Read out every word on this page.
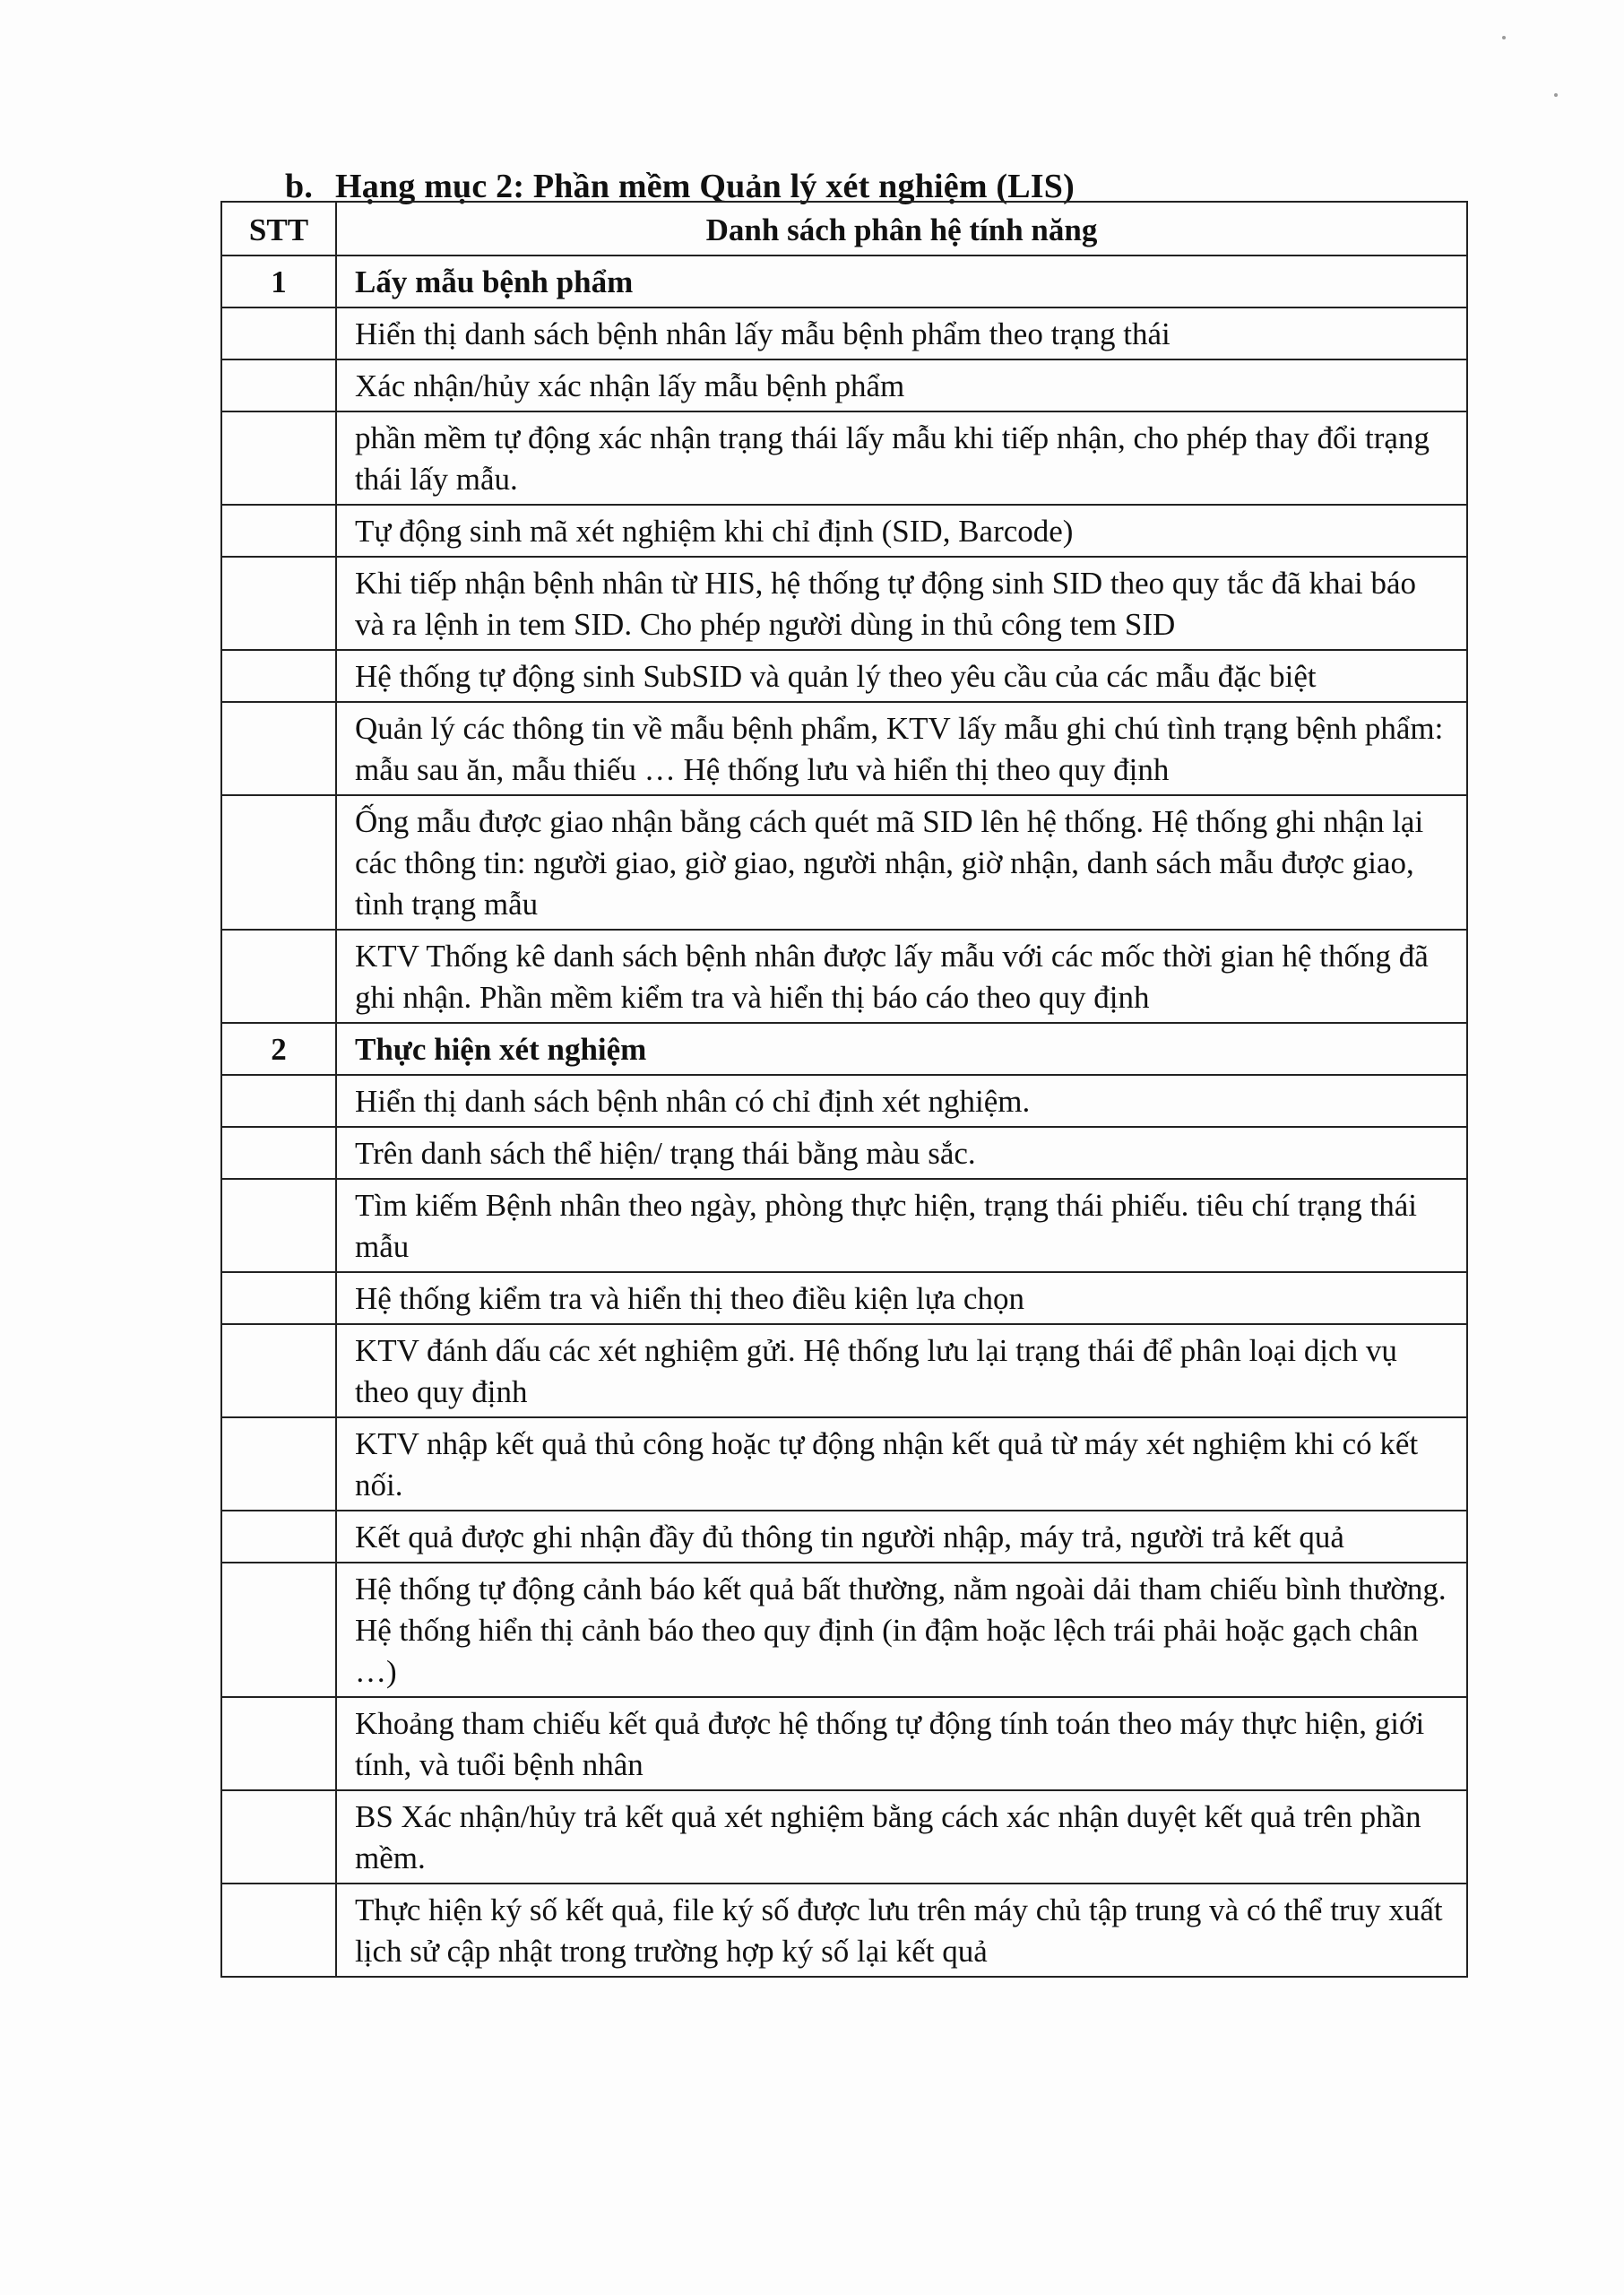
b. Hạng mục 2: Phần mềm Quản lý xét nghiệm (LIS)
STT	Danh sách phân hệ tính năng
1	Lấy mẫu bệnh phẩm
	Hiển thị danh sách bệnh nhân lấy mẫu bệnh phẩm theo trạng thái
	Xác nhận/hủy xác nhận lấy mẫu bệnh phẩm
	phần mềm tự động xác nhận trạng thái lấy mẫu khi tiếp nhận, cho phép thay đổi trạng thái lấy mẫu.
	Tự động sinh mã xét nghiệm khi chỉ định (SID, Barcode)
	Khi tiếp nhận bệnh nhân từ HIS, hệ thống tự động sinh SID theo quy tắc đã khai báo và ra lệnh in tem SID. Cho phép người dùng in thủ công tem SID
	Hệ thống tự động sinh SubSID và quản lý theo yêu cầu của các mẫu đặc biệt
	Quản lý các thông tin về mẫu bệnh phẩm, KTV lấy mẫu ghi chú tình trạng bệnh phẩm: mẫu sau ăn, mẫu thiếu … Hệ thống lưu và hiển thị theo quy định
	Ống mẫu được giao nhận bằng cách quét mã SID lên hệ thống. Hệ thống ghi nhận lại các thông tin: người giao, giờ giao, người nhận, giờ nhận, danh sách mẫu được giao, tình trạng mẫu
	KTV Thống kê danh sách bệnh nhân được lấy mẫu với các mốc thời gian hệ thống đã ghi nhận. Phần mềm kiểm tra và hiển thị báo cáo theo quy định
2	Thực hiện xét nghiệm
	Hiển thị danh sách bệnh nhân có chỉ định xét nghiệm.
	Trên danh sách thể hiện/ trạng thái bằng màu sắc.
	Tìm kiếm Bệnh nhân theo ngày, phòng thực hiện, trạng thái phiếu. tiêu chí trạng thái mẫu
	Hệ thống kiểm tra và hiển thị theo điều kiện lựa chọn
	KTV đánh dấu các xét nghiệm gửi. Hệ thống lưu lại trạng thái để phân loại dịch vụ theo quy định
	KTV nhập kết quả thủ công hoặc tự động nhận kết quả từ máy xét nghiệm khi có kết nối.
	Kết quả được ghi nhận đầy đủ thông tin người nhập, máy trả, người trả kết quả
	Hệ thống tự động cảnh báo kết quả bất thường, nằm ngoài dải tham chiếu bình thường. Hệ thống hiển thị cảnh báo theo quy định (in đậm hoặc lệch trái phải hoặc gạch chân …)
	Khoảng tham chiếu kết quả được hệ thống tự động tính toán theo máy thực hiện, giới tính, và tuổi bệnh nhân
	BS Xác nhận/hủy trả kết quả xét nghiệm bằng cách xác nhận duyệt kết quả trên phần mềm.
	Thực hiện ký số kết quả, file ký số được lưu trên máy chủ tập trung và có thể truy xuất lịch sử cập nhật trong trường hợp ký số lại kết quả
